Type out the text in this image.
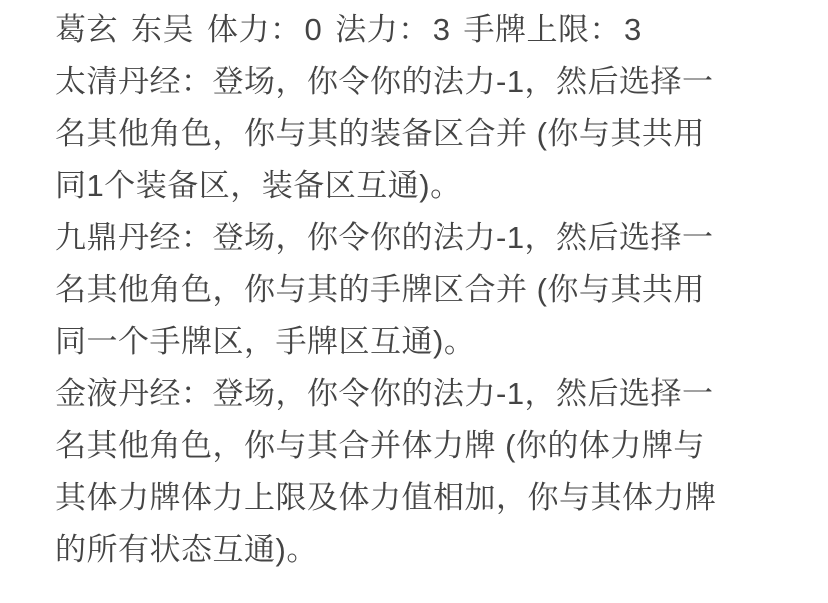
葛玄 东吴 体力：0 法力：3 手牌上限：3
太清丹经：登场，你令你的法力-1，然后选择一
名其他角色，你与其的装备区合并 (你与其共用
同1个装备区，装备区互通)。
九鼎丹经：登场，你令你的法力-1，然后选择一
名其他角色，你与其的手牌区合并 (你与其共用
同一个手牌区，手牌区互通)。
金液丹经：登场，你令你的法力-1，然后选择一
名其他角色，你与其合并体力牌 (你的体力牌与
其体力牌体力上限及体力值相加，你与其体力牌
的所有状态互通)。
